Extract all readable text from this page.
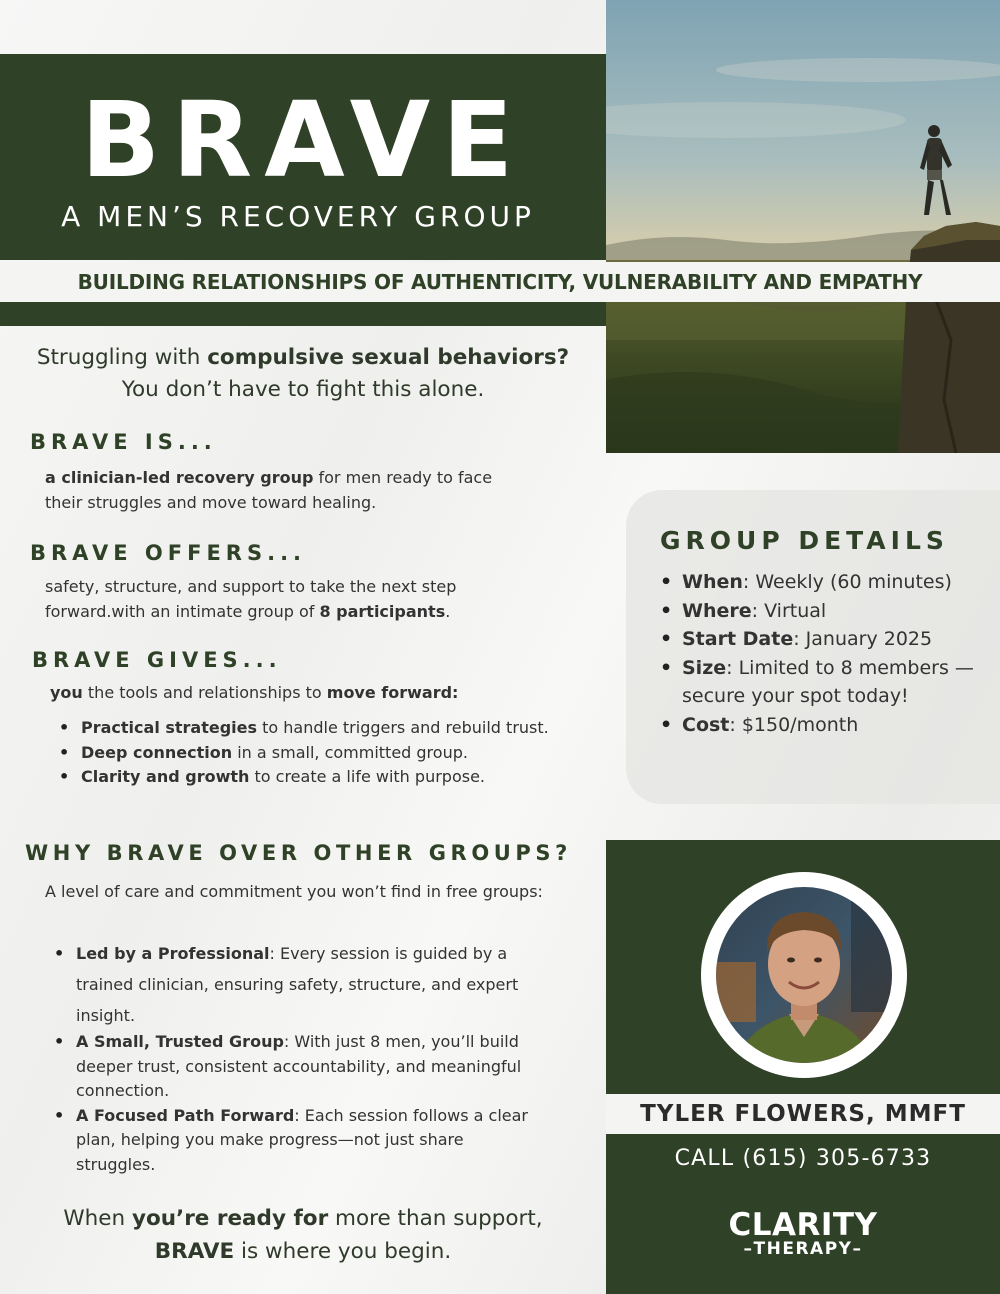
BRAVE
A MEN’S RECOVERY GROUP
BUILDING RELATIONSHIPS OF AUTHENTICITY, VULNERABILITY AND EMPATHY
Struggling with compulsive sexual behaviors?
You don’t have to fight this alone.
BRAVE IS...
a clinician-led recovery group for men ready to face their struggles and move toward healing.
BRAVE OFFERS...
safety, structure, and support to take the next step forward.with an intimate group of 8 participants.
BRAVE GIVES...
you the tools and relationships to move forward:
• Practical strategies to handle triggers and rebuild trust.
• Deep connection in a small, committed group.
• Clarity and growth to create a life with purpose.
WHY BRAVE OVER OTHER GROUPS?
A level of care and commitment you won’t find in free groups:
• Led by a Professional: Every session is guided by a trained clinician, ensuring safety, structure, and expert insight.
• A Small, Trusted Group: With just 8 men, you’ll build deeper trust, consistent accountability, and meaningful connection.
• A Focused Path Forward: Each session follows a clear plan, helping you make progress—not just share struggles.
When you’re ready for more than support,
BRAVE is where you begin.
GROUP DETAILS
• When: Weekly (60 minutes)
• Where: Virtual
• Start Date: January 2025
• Size: Limited to 8 members —secure your spot today!
• Cost: $150/month
TYLER FLOWERS, MMFT
CALL (615) 305-6733
CLARITY
–THERAPY–
